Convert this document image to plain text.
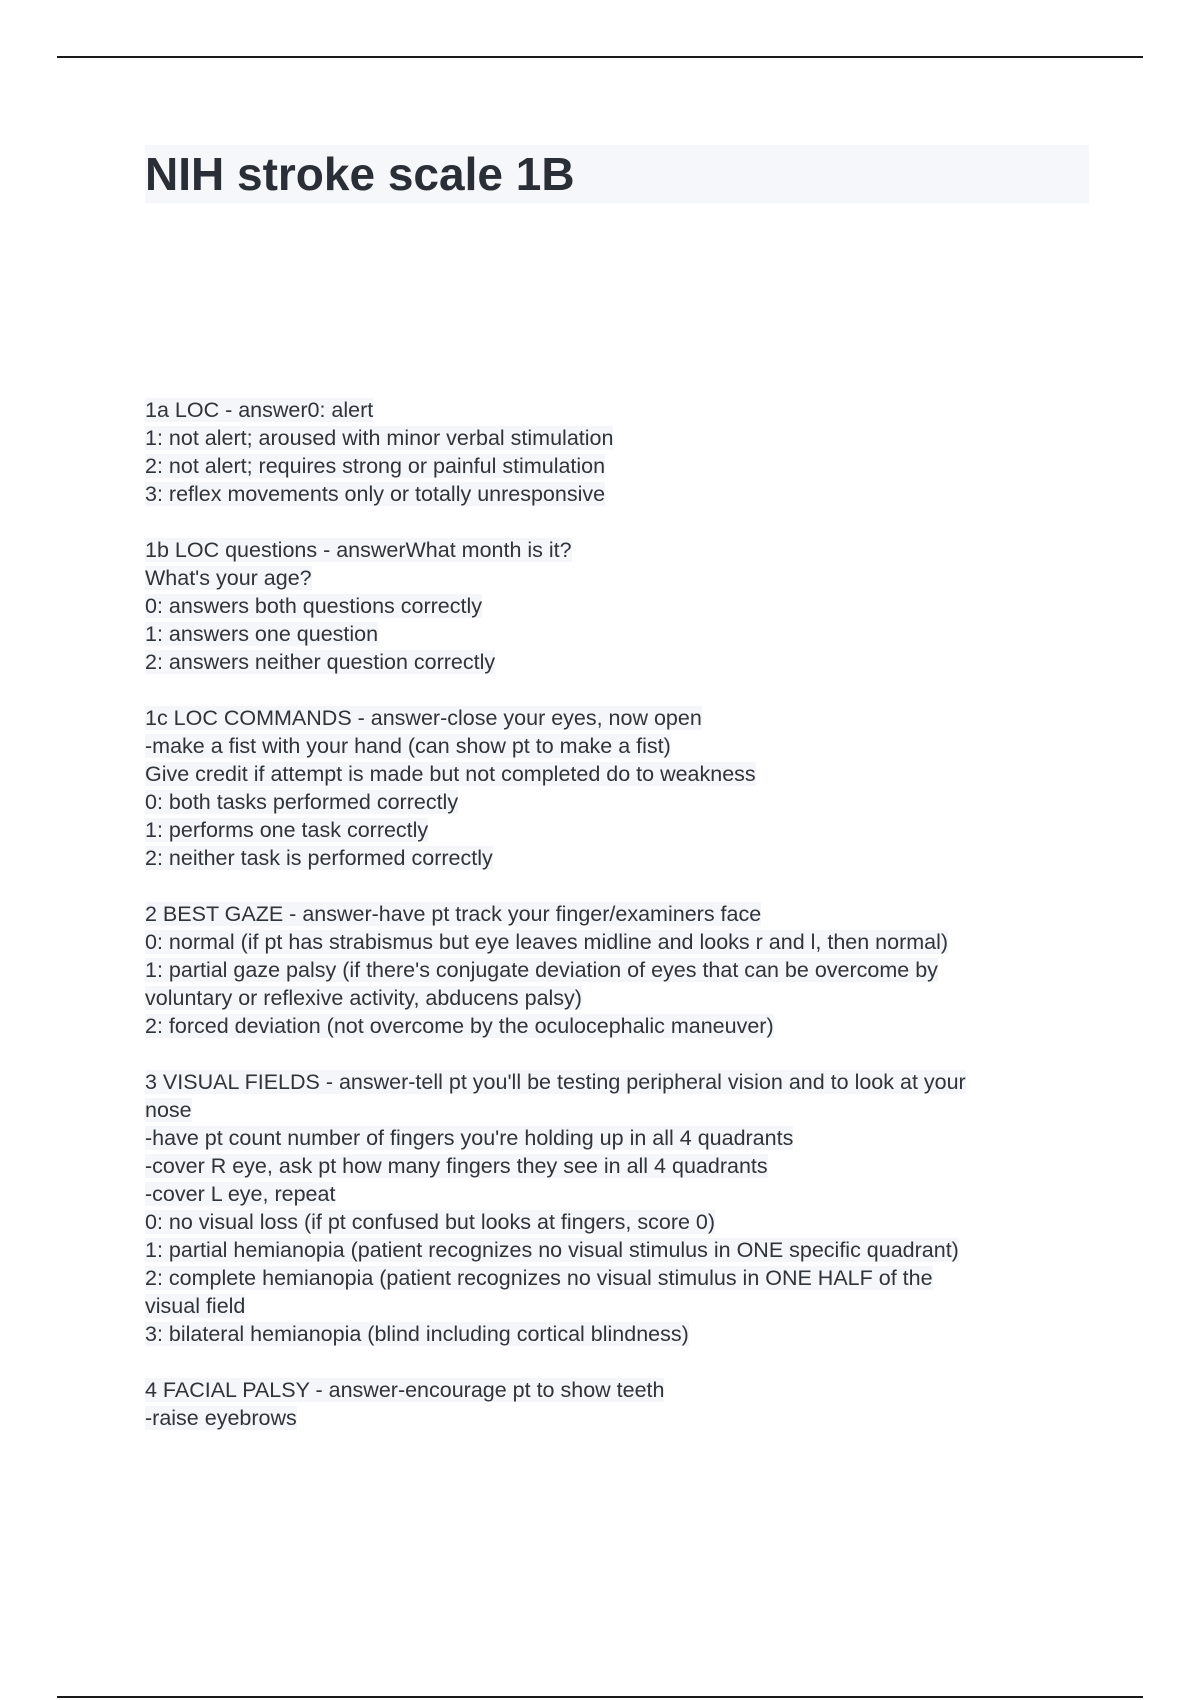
NIH stroke scale 1B
1a LOC - answer0: alert
1: not alert; aroused with minor verbal stimulation
2: not alert; requires strong or painful stimulation
3: reflex movements only or totally unresponsive
1b LOC questions - answerWhat month is it?
What's your age?
0: answers both questions correctly
1: answers one question
2: answers neither question correctly
1c LOC COMMANDS - answer-close your eyes, now open
-make a fist with your hand (can show pt to make a fist)
Give credit if attempt is made but not completed do to weakness
0: both tasks performed correctly
1: performs one task correctly
2: neither task is performed correctly
2 BEST GAZE - answer-have pt track your finger/examiners face
0: normal (if pt has strabismus but eye leaves midline and looks r and l, then normal)
1: partial gaze palsy (if there's conjugate deviation of eyes that can be overcome by
voluntary or reflexive activity, abducens palsy)
2: forced deviation (not overcome by the oculocephalic maneuver)
3 VISUAL FIELDS - answer-tell pt you'll be testing peripheral vision and to look at your
nose
-have pt count number of fingers you're holding up in all 4 quadrants
-cover R eye, ask pt how many fingers they see in all 4 quadrants
-cover L eye, repeat
0: no visual loss (if pt confused but looks at fingers, score 0)
1: partial hemianopia (patient recognizes no visual stimulus in ONE specific quadrant)
2: complete hemianopia (patient recognizes no visual stimulus in ONE HALF of the
visual field
3: bilateral hemianopia (blind including cortical blindness)
4 FACIAL PALSY - answer-encourage pt to show teeth
-raise eyebrows
